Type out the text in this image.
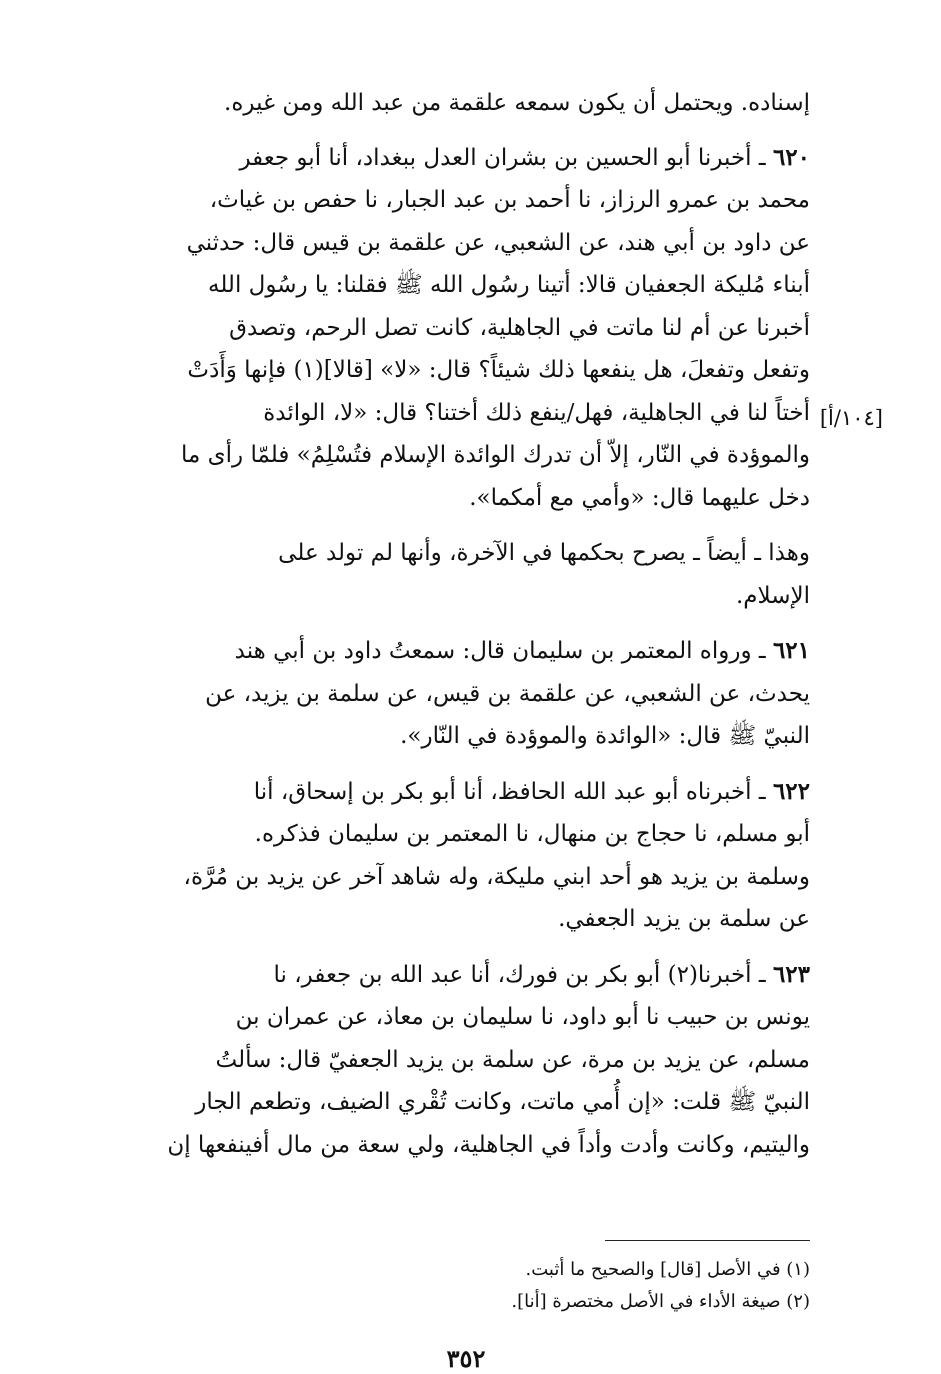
إسناده. ويحتمل أن يكون سمعه علقمة من عبد الله ومن غيره.

٦٢٠ ـ أخبرنا أبو الحسين بن بشران العدل ببغداد، أنا أبو جعفر
محمد بن عمرو الرزاز، نا أحمد بن عبد الجبار، نا حفص بن غياث،
عن داود بن أبي هند، عن الشعبي، عن علقمة بن قيس قال: حدثني
أبناء مُليكة الجعفيان قالا: أتينا رسُول الله ﷺ فقلنا: يا رسُول الله
أخبرنا عن أم لنا ماتت في الجاهلية، كانت تصل الرحم، وتصدق
وتفعل وتفعلَ، هل ينفعها ذلك شيئاً؟ قال: «لا» [قالا](١) فإنها وَأَدَتْ
أختاً لنا في الجاهلية، فهل/ينفع ذلك أختنا؟ قال: «لا، الوائدة
والموؤدة في النّار، إلاّ أن تدرك الوائدة الإسلام فتُسْلِمُ» فلمّا رأى ما
دخل عليهما قال: «وأمي مع أمكما».

وهذا ـ أيضاً ـ يصرح بحكمها في الآخرة، وأنها لم تولد على
الإسلام.

٦٢١ ـ ورواه المعتمر بن سليمان قال: سمعتُ داود بن أبي هند
يحدث، عن الشعبي، عن علقمة بن قيس، عن سلمة بن يزيد، عن
النبيّ ﷺ قال: «الوائدة والموؤدة في النّار».

٦٢٢ ـ أخبرناه أبو عبد الله الحافظ، أنا أبو بكر بن إسحاق، أنا
أبو مسلم، نا حجاج بن منهال، نا المعتمر بن سليمان فذكره.
وسلمة بن يزيد هو أحد ابني مليكة، وله شاهد آخر عن يزيد بن مُرَّة،
عن سلمة بن يزيد الجعفي.

٦٢٣ ـ أخبرنا(٢) أبو بكر بن فورك، أنا عبد الله بن جعفر، نا
يونس بن حبيب نا أبو داود، نا سليمان بن معاذ، عن عمران بن
مسلم، عن يزيد بن مرة، عن سلمة بن يزيد الجعفيّ قال: سألتُ
النبيّ ﷺ قلت: «إن أُمي ماتت، وكانت تُقْري الضيف، وتطعم الجار
واليتيم، وكانت وأدت وأداً في الجاهلية، ولي سعة من مال أفينفعها إن

[١٠٤/أ]
(١) في الأصل [قال] والصحيح ما أثبت.
(٢) صيغة الأداء في الأصل مختصرة [أنا].
٣٥٢
